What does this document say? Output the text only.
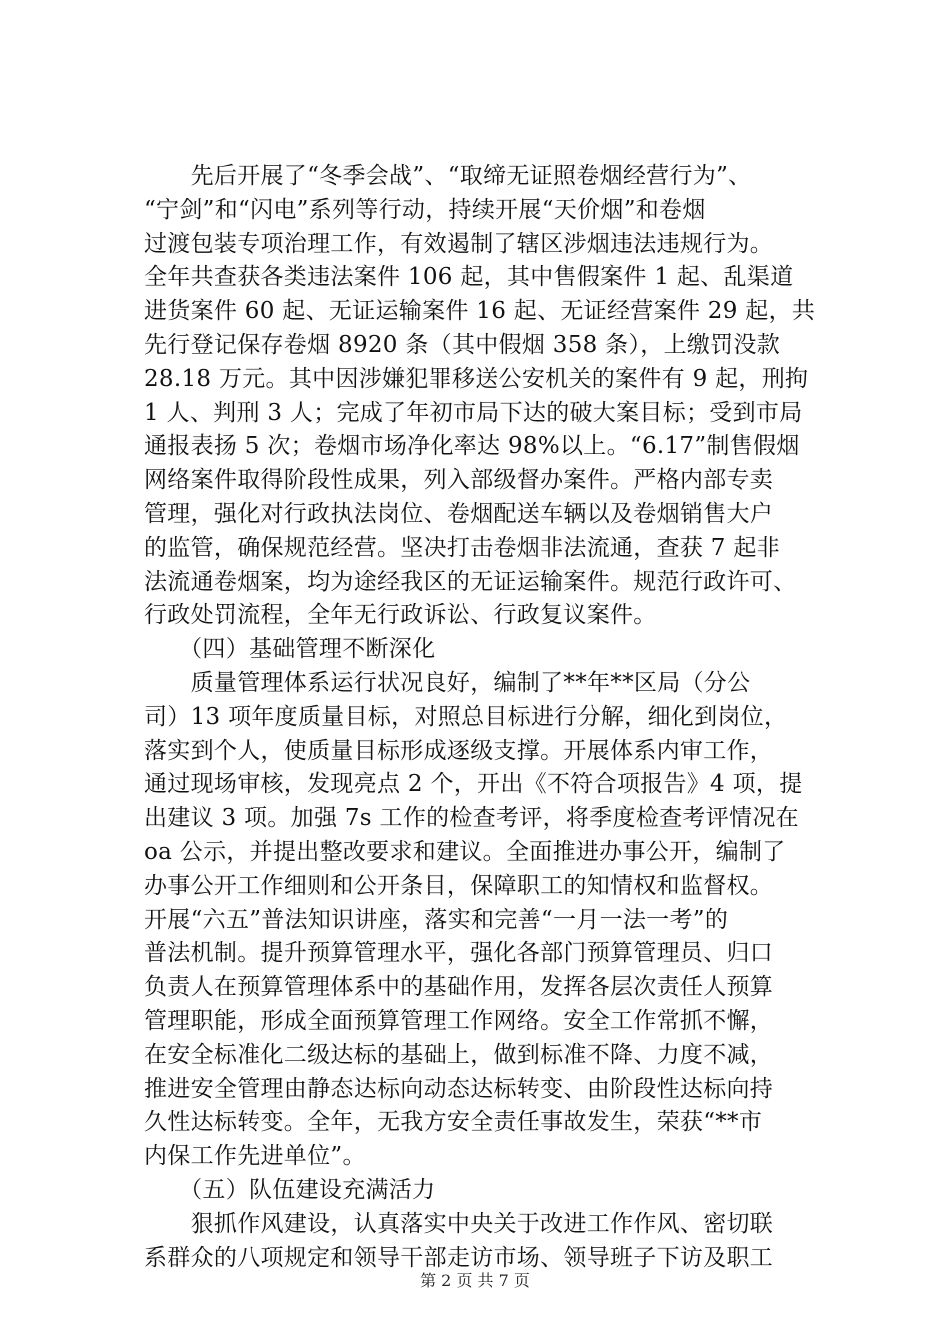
　　先后开展了“冬季会战”、“取缔无证照卷烟经营行为”、
“宁剑”和“闪电”系列等行动，持续开展“天价烟”和卷烟
过渡包装专项治理工作，有效遏制了辖区涉烟违法违规行为。
全年共查获各类违法案件 106 起，其中售假案件 1 起、乱渠道
进货案件 60 起、无证运输案件 16 起、无证经营案件 29 起，共
先行登记保存卷烟 8920 条（其中假烟 358 条），上缴罚没款
28.18 万元。其中因涉嫌犯罪移送公安机关的案件有 9 起，刑拘
1 人、判刑 3 人；完成了年初市局下达的破大案目标；受到市局
通报表扬 5 次；卷烟市场净化率达 98%以上。“6.17”制售假烟
网络案件取得阶段性成果，列入部级督办案件。严格内部专卖
管理，强化对行政执法岗位、卷烟配送车辆以及卷烟销售大户
的监管，确保规范经营。坚决打击卷烟非法流通，查获 7 起非
法流通卷烟案，均为途经我区的无证运输案件。规范行政许可、
行政处罚流程，全年无行政诉讼、行政复议案件。
　　（四）基础管理不断深化
　　质量管理体系运行状况良好，编制了**年**区局（分公
司）13 项年度质量目标，对照总目标进行分解，细化到岗位，
落实到个人，使质量目标形成逐级支撑。开展体系内审工作，
通过现场审核，发现亮点 2 个，开出《不符合项报告》4 项，提
出建议 3 项。加强 7s 工作的检查考评，将季度检查考评情况在
oa 公示，并提出整改要求和建议。全面推进办事公开，编制了
办事公开工作细则和公开条目，保障职工的知情权和监督权。
开展“六五”普法知识讲座，落实和完善“一月一法一考”的
普法机制。提升预算管理水平，强化各部门预算管理员、归口
负责人在预算管理体系中的基础作用，发挥各层次责任人预算
管理职能，形成全面预算管理工作网络。安全工作常抓不懈，
在安全标准化二级达标的基础上，做到标准不降、力度不减，
推进安全管理由静态达标向动态达标转变、由阶段性达标向持
久性达标转变。全年，无我方安全责任事故发生，荣获“**市
内保工作先进单位”。
　　（五）队伍建设充满活力
　　狠抓作风建设，认真落实中央关于改进工作作风、密切联
系群众的八项规定和领导干部走访市场、领导班子下访及职工
第 2 页 共 7 页
